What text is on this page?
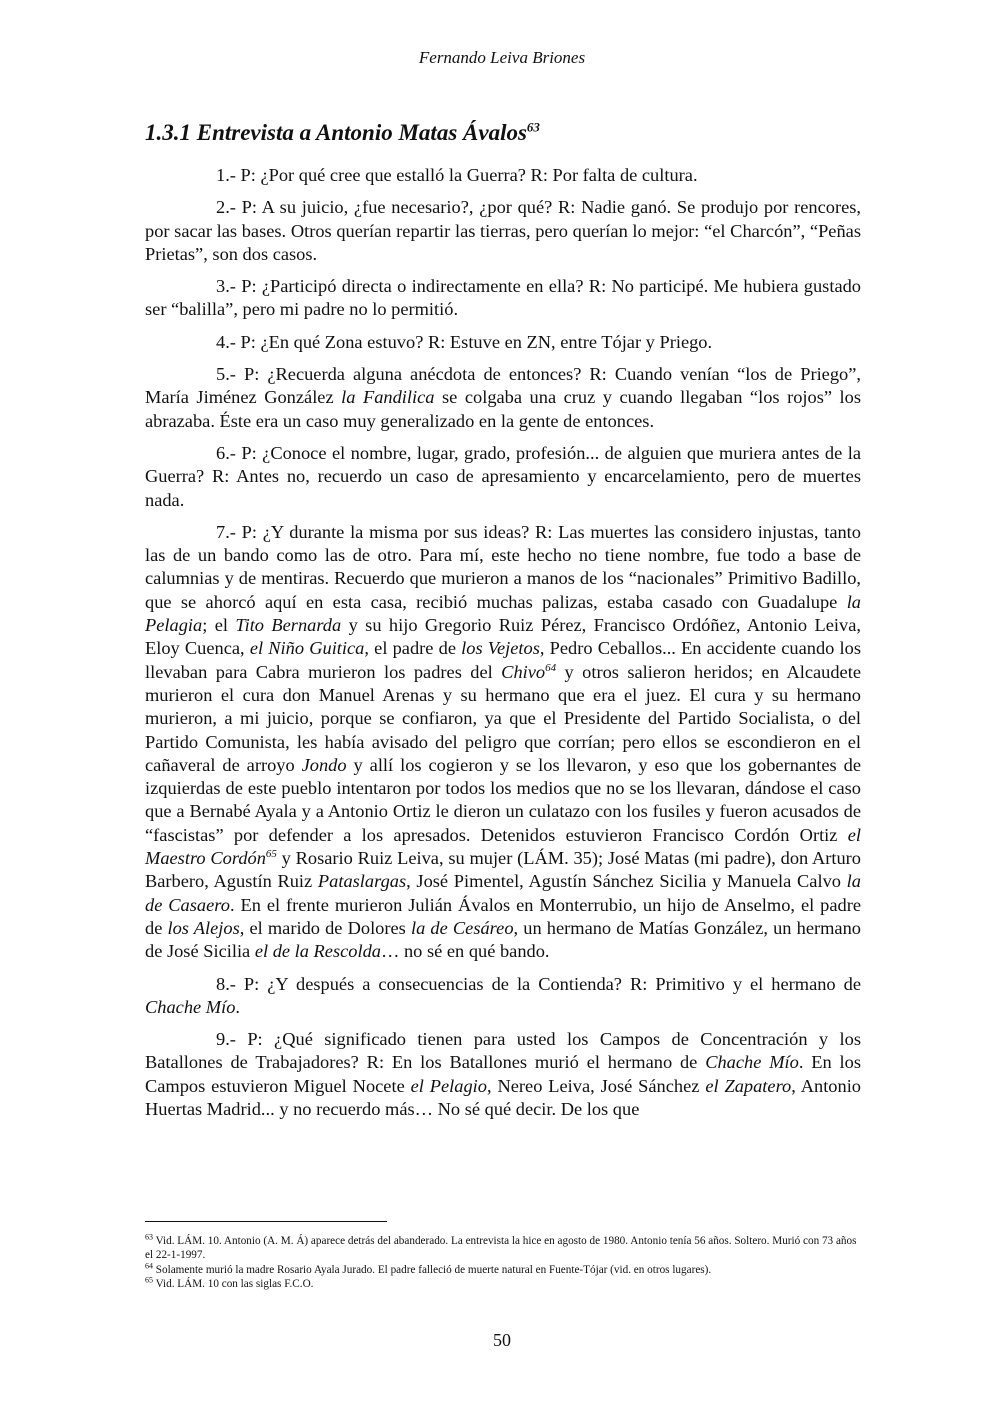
Fernando Leiva Briones
1.3.1 Entrevista a Antonio Matas Ávalos$^{63}$

1.- P: ¿Por qué cree que estalló la Guerra? R: Por falta de cultura.

2.- P: A su juicio, ¿fue necesario?, ¿por qué? R: Nadie ganó. Se produjo por rencores, por sacar las bases. Otros querían repartir las tierras, pero querían lo mejor: “el Charcón”, “Peñas Prietas”, son dos casos.

3.- P: ¿Participó directa o indirectamente en ella? R: No participé. Me hubiera gustado ser “balilla”, pero mi padre no lo permitió.

4.- P: ¿En qué Zona estuvo? R: Estuve en ZN, entre Tójar y Priego.

5.- P: ¿Recuerda alguna anécdota de entonces? R: Cuando venían “los de Priego”, María Jiménez González la Fandilica se colgaba una cruz y cuando llegaban “los rojos” los abrazaba. Éste era un caso muy generalizado en la gente de entonces.

6.- P: ¿Conoce el nombre, lugar, grado, profesión... de alguien que muriera antes de la Guerra? R: Antes no, recuerdo un caso de apresamiento y encarcelamiento, pero de muertes nada.

7.- P: ¿Y durante la misma por sus ideas? R: Las muertes las considero injustas, tanto las de un bando como las de otro. Para mí, este hecho no tiene nombre, fue todo a base de calumnias y de mentiras. Recuerdo que murieron a manos de los “nacionales” Primitivo Badillo, que se ahorcó aquí en esta casa, recibió muchas palizas, estaba casado con Guadalupe la Pelagia; el Tito Bernarda y su hijo Gregorio Ruiz Pérez, Francisco Ordóñez, Antonio Leiva, Eloy Cuenca, el Niño Guitica, el padre de los Vejetos, Pedro Ceballos... En accidente cuando los llevaban para Cabra murieron los padres del Chivo$^{64}$ y otros salieron heridos; en Alcaudete murieron el cura don Manuel Arenas y su hermano que era el juez. El cura y su hermano murieron, a mi juicio, porque se confiaron, ya que el Presidente del Partido Socialista, o del Partido Comunista, les había avisado del peligro que corrían; pero ellos se escondieron en el cañaveral de arroyo Jondo y allí los cogieron y se los llevaron, y eso que los gobernantes de izquierdas de este pueblo intentaron por todos los medios que no se los llevaran, dándose el caso que a Bernabé Ayala y a Antonio Ortiz le dieron un culatazo con los fusiles y fueron acusados de “fascistas” por defender a los apresados. Detenidos estuvieron Francisco Cordón Ortiz el Maestro Cordón$^{65}$ y Rosario Ruiz Leiva, su mujer (LÁM. 35); José Matas (mi padre), don Arturo Barbero, Agustín Ruiz Pataslargas, José Pimentel, Agustín Sánchez Sicilia y Manuela Calvo la de Casaero. En el frente murieron Julián Ávalos en Monterrubio, un hijo de Anselmo, el padre de los Alejos, el marido de Dolores la de Cesáreo, un hermano de Matías González, un hermano de José Sicilia el de la Rescolda… no sé en qué bando.

8.- P: ¿Y después a consecuencias de la Contienda? R: Primitivo y el hermano de Chache Mío.

9.- P: ¿Qué significado tienen para usted los Campos de Concentración y los Batallones de Trabajadores? R: En los Batallones murió el hermano de Chache Mío. En los Campos estuvieron Miguel Nocete el Pelagio, Nereo Leiva, José Sánchez el Zapatero, Antonio Huertas Madrid... y no recuerdo más… No sé qué decir. De los que

$^{63}$ Vid. LÁM. 10. Antonio (A. M. Á) aparece detrás del abanderado. La entrevista la hice en agosto de 1980. Antonio tenía 56 años. Soltero. Murió con 73 años el 22-1-1997.

$^{64}$ Solamente murió la madre Rosario Ayala Jurado. El padre falleció de muerte natural en Fuente-Tójar (vid. en otros lugares).

$^{65}$ Vid. LÁM. 10 con las siglas F.C.O.

50
